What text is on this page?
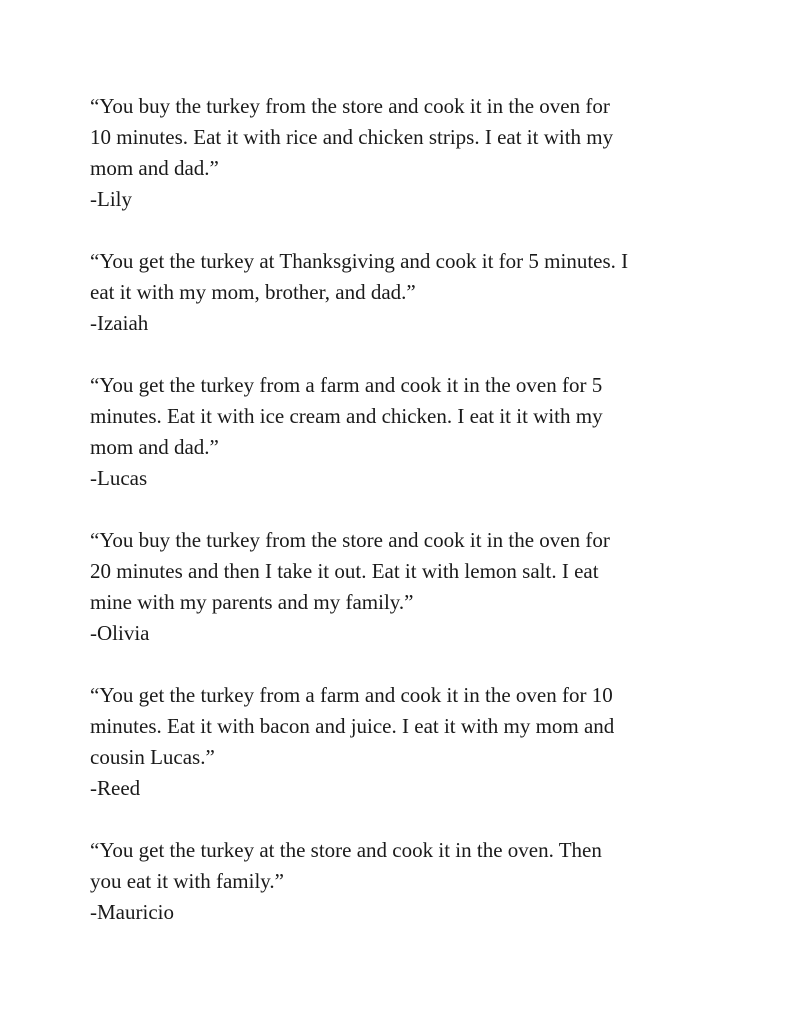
“You buy the turkey from the store and cook it in the oven for
10 minutes. Eat it with rice and chicken strips. I eat it with my
mom and dad.”
-Lily
“You get the turkey at Thanksgiving and cook it for 5 minutes. I
eat it with my mom, brother, and dad.”
-Izaiah
“You get the turkey from a farm and cook it in the oven for 5
minutes. Eat it with ice cream and chicken. I eat it it with my
mom and dad.”
-Lucas
“You buy the turkey from the store and cook it in the oven for
20 minutes and then I take it out. Eat it with lemon salt. I eat
mine with my parents and my family.”
-Olivia
“You get the turkey from a farm and cook it in the oven for 10
minutes. Eat it with bacon and juice. I eat it with my mom and
cousin Lucas.”
-Reed
“You get the turkey at the store and cook it in the oven. Then
you eat it with family.”
-Mauricio
